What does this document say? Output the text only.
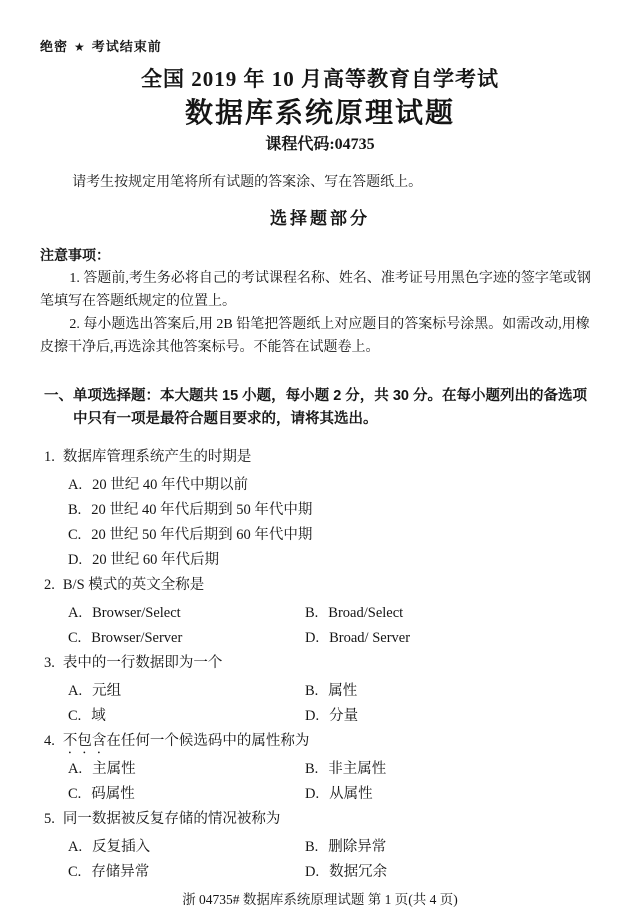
绝密 ★ 考试结束前
全国 2019 年 10 月高等教育自学考试
数据库系统原理试题
课程代码:04735
请考生按规定用笔将所有试题的答案涂、写在答题纸上。
选择题部分
注意事项：
1. 答题前,考生务必将自己的考试课程名称、姓名、准考证号用黑色字迹的签字笔或钢笔填写在答题纸规定的位置上。
2. 每小题选出答案后,用 2B 铅笔把答题纸上对应题目的答案标号涂黑。如需改动,用橡皮擦干净后,再选涂其他答案标号。不能答在试题卷上。
一、单项选择题：本大题共 15 小题，每小题 2 分，共 30 分。在每小题列出的备选项中只有一项是最符合题目要求的，请将其选出。
1. 数据库管理系统产生的时期是
A. 20 世纪 40 年代中期以前
B. 20 世纪 40 年代后期到 50 年代中期
C. 20 世纪 50 年代后期到 60 年代中期
D. 20 世纪 60 年代后期
2. B/S 模式的英文全称是
A. Browser/Select	B. Broad/Select
C. Browser/Server	D. Broad/ Server
3. 表中的一行数据即为一个
A. 元组	B. 属性
C. 域	D. 分量
4. 不包含在任何一个候选码中的属性称为
A. 主属性	B. 非主属性
C. 码属性	D. 从属性
5. 同一数据被反复存储的情况被称为
A. 反复插入	B. 删除异常
C. 存储异常	D. 数据冗余
浙 04735# 数据库系统原理试题 第 1 页(共 4 页)
